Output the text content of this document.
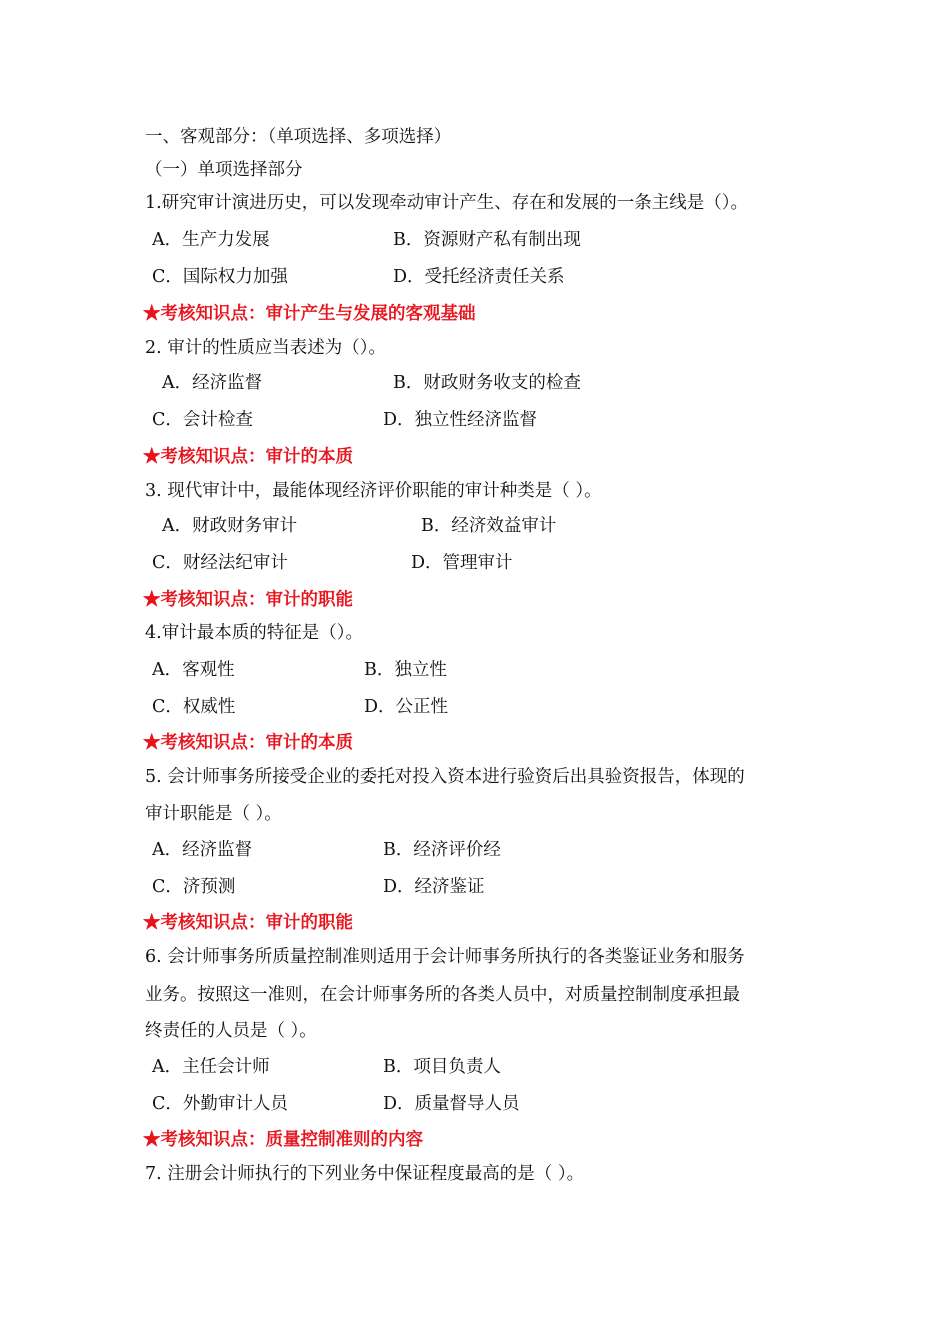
一、客观部分：（单项选择、多项选择）
（一）单项选择部分
1.研究审计演进历史，可以发现牵动审计产生、存在和发展的一条主线是（）。
A．生产力发展	B．资源财产私有制出现
C．国际权力加强	D．受托经济责任关系
★考核知识点：审计产生与发展的客观基础
2. 审计的性质应当表述为（）。
A．经济监督	B．财政财务收支的检查
C．会计检查	D．独立性经济监督
★考核知识点：审计的本质
3. 现代审计中，最能体现经济评价职能的审计种类是（ ）。
A．财政财务审计	B．经济效益审计
C．财经法纪审计	D．管理审计
★考核知识点：审计的职能
4.审计最本质的特征是（）。
A．客观性	B．独立性
C．权威性	D．公正性
★考核知识点：审计的本质
5. 会计师事务所接受企业的委托对投入资本进行验资后出具验资报告，体现的
审计职能是（ ）。
A．经济监督	B．经济评价经
C．济预测	D．经济鉴证
★考核知识点：审计的职能
6. 会计师事务所质量控制准则适用于会计师事务所执行的各类鉴证业务和服务
业务。按照这一准则，在会计师事务所的各类人员中，对质量控制制度承担最
终责任的人员是（ ）。
A．主任会计师	B．项目负责人
C．外勤审计人员	D．质量督导人员
★考核知识点：质量控制准则的内容
7. 注册会计师执行的下列业务中保证程度最高的是（ ）。
